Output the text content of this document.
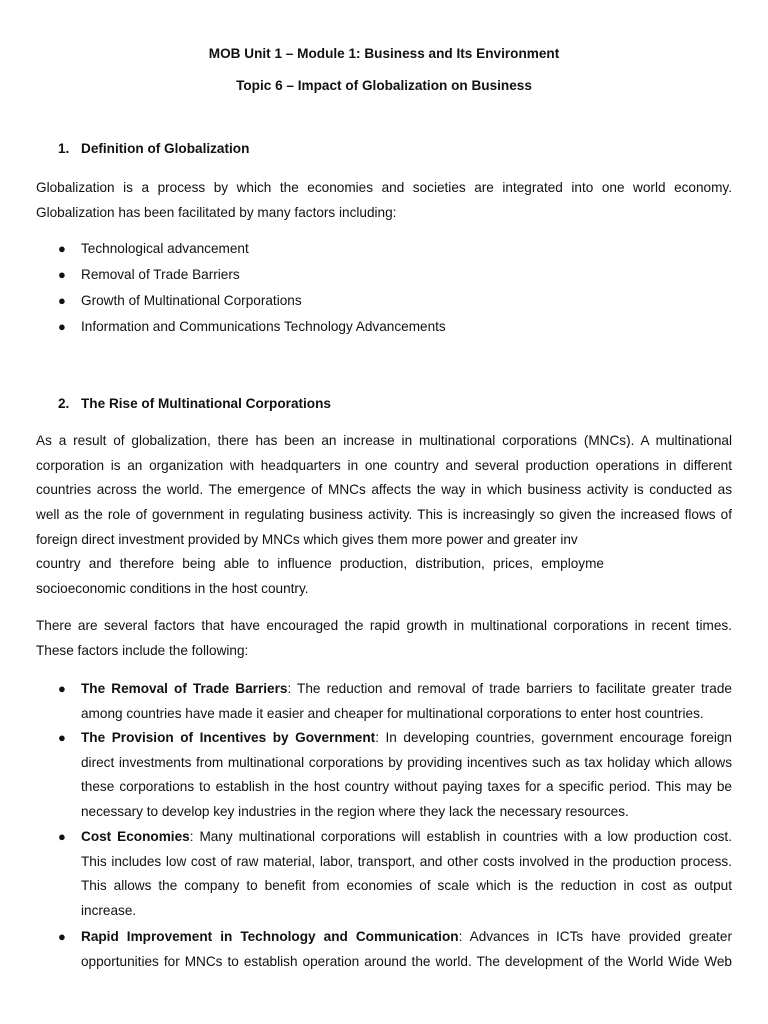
MOB Unit 1 – Module 1: Business and Its Environment
Topic 6 – Impact of Globalization on Business
1. Definition of Globalization
Globalization is a process by which the economies and societies are integrated into one world economy.
Globalization has been facilitated by many factors including:
● Technological advancement
● Removal of Trade Barriers
● Growth of Multinational Corporations
● Information and Communications Technology Advancements
2. The Rise of Multinational Corporations
As a result of globalization, there has been an increase in multinational corporations (MNCs). A multinational
corporation is an organization with headquarters in one country and several production operations in different
countries across the world. The emergence of MNCs affects the way in which business activity is conducted as
well as the role of government in regulating business activity. This is increasingly so given the increased flows of
foreign direct investment provided by MNCs which gives them more power and greater inv
country and therefore being able to influence production, distribution, prices, employme
socioeconomic conditions in the host country.
There are several factors that have encouraged the rapid growth in multinational corporations in recent times.
These factors include the following:
● The Removal of Trade Barriers: The reduction and removal of trade barriers to facilitate greater trade
among countries have made it easier and cheaper for multinational corporations to enter host countries.
● The Provision of Incentives by Government: In developing countries, government encourage foreign
direct investments from multinational corporations by providing incentives such as tax holiday which allows
these corporations to establish in the host country without paying taxes for a specific period. This may be
necessary to develop key industries in the region where they lack the necessary resources.
● Cost Economies: Many multinational corporations will establish in countries with a low production cost.
This includes low cost of raw material, labor, transport, and other costs involved in the production process.
This allows the company to benefit from economies of scale which is the reduction in cost as output
increase.
● Rapid Improvement in Technology and Communication: Advances in ICTs have provided greater
opportunities for MNCs to establish operation around the world. The development of the World Wide Web
